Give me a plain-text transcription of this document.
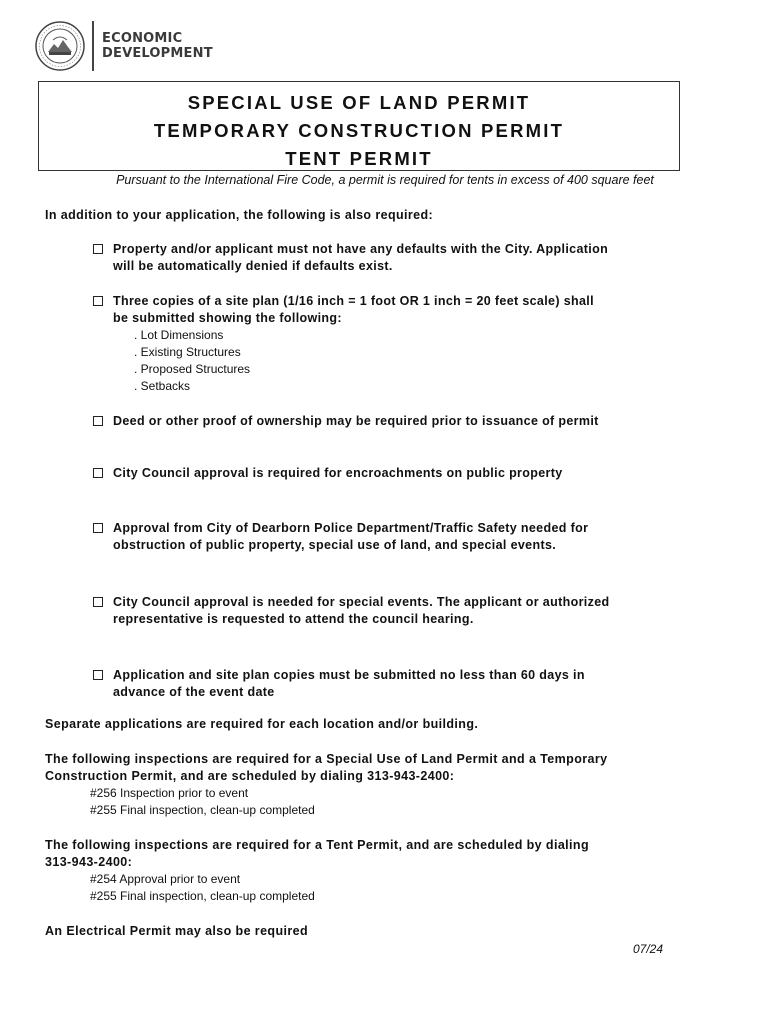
ECONOMIC
DEVELOPMENT
SPECIAL USE OF LAND PERMIT
TEMPORARY CONSTRUCTION PERMIT
TENT PERMIT
Pursuant to the International Fire Code, a permit is required for tents in excess of 400 square feet
In addition to your application, the following is also required:
Property and/or applicant must not have any defaults with the City. Application
will be automatically denied if defaults exist.
Three copies of a site plan (1/16 inch = 1 foot OR 1 inch = 20 feet scale) shall
be submitted showing the following:
. Lot Dimensions
. Existing Structures
. Proposed Structures
. Setbacks
Deed or other proof of ownership may be required prior to issuance of permit
City Council approval is required for encroachments on public property
Approval from City of Dearborn Police Department/Traffic Safety needed for
obstruction of public property, special use of land, and special events.
City Council approval is needed for special events. The applicant or authorized
representative is requested to attend the council hearing.
Application and site plan copies must be submitted no less than 60 days in
advance of the event date
Separate applications are required for each location and/or building.
The following inspections are required for a Special Use of Land Permit and a Temporary
Construction Permit, and are scheduled by dialing 313-943-2400:
#256 Inspection prior to event
#255 Final inspection, clean-up completed
The following inspections are required for a Tent Permit, and are scheduled by dialing
313-943-2400:
#254 Approval prior to event
#255 Final inspection, clean-up completed
An Electrical Permit may also be required
07/24
